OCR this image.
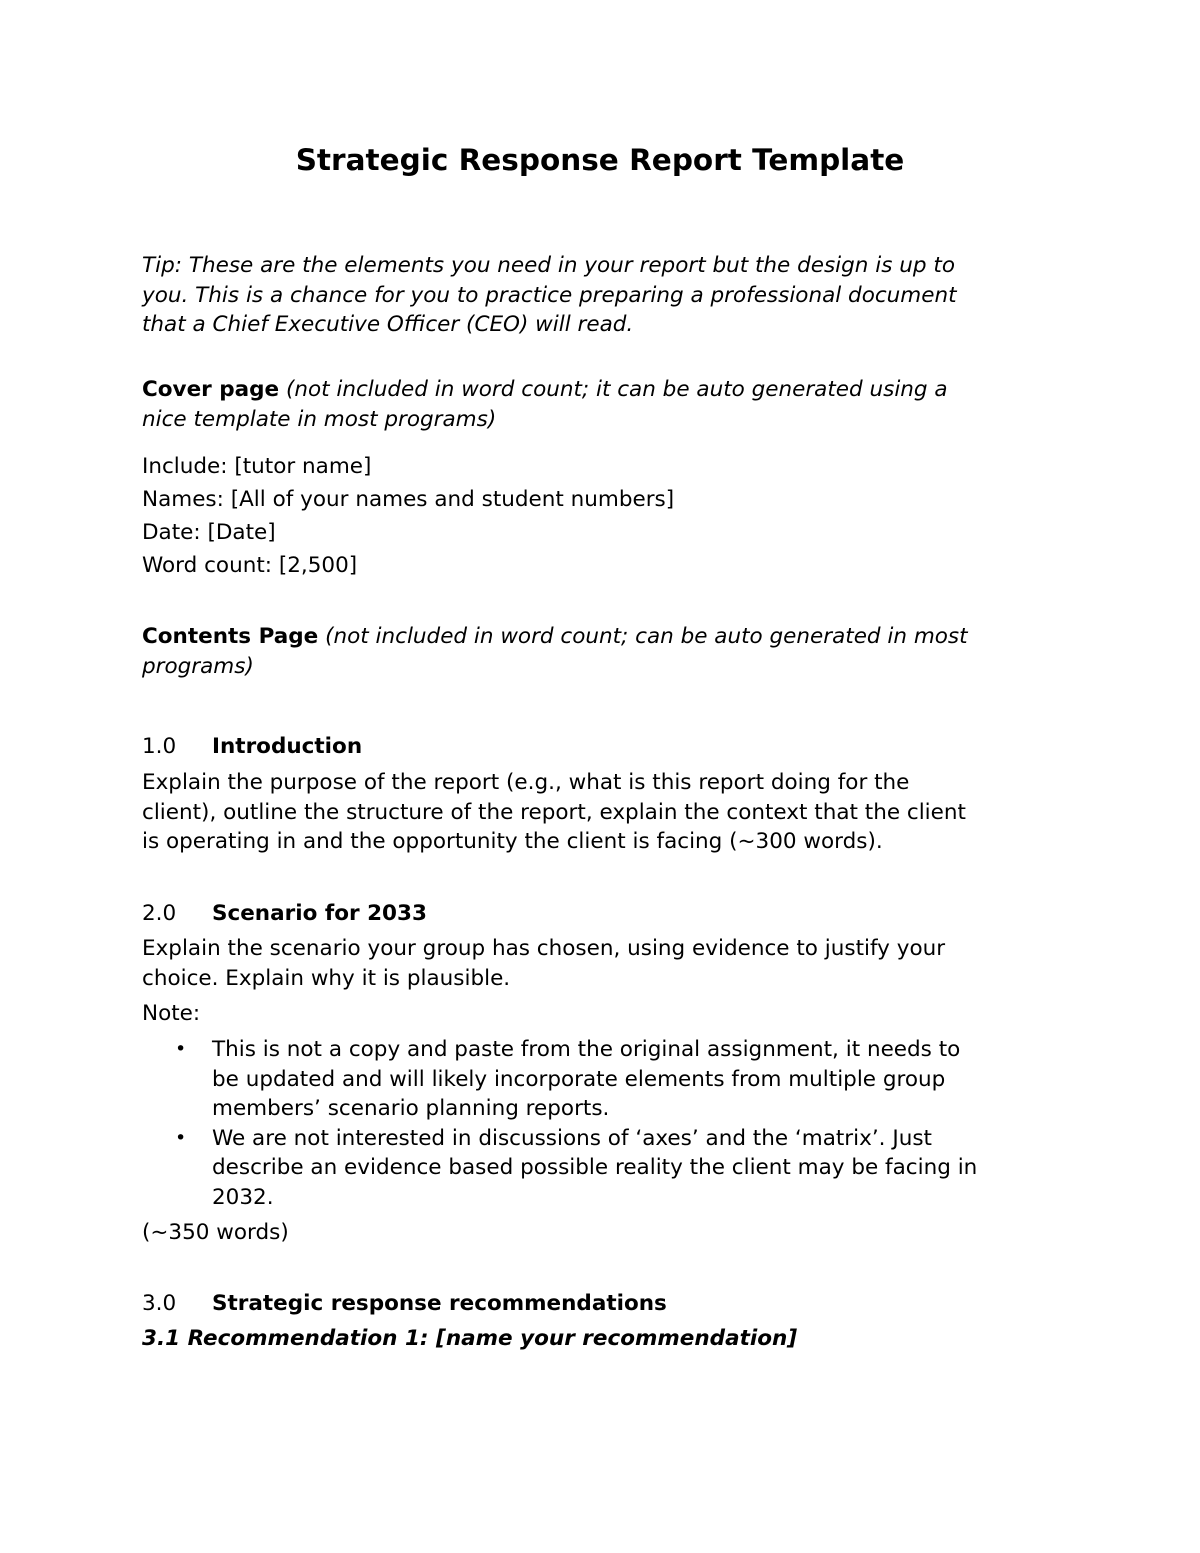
Strategic Response Report Template

Tip: These are the elements you need in your report but the design is up to
you. This is a chance for you to practice preparing a professional document
that a Chief Executive Officer (CEO) will read.

Cover page (not included in word count; it can be auto generated using a
nice template in most programs)

Include: [tutor name]
Names: [All of your names and student numbers]
Date: [Date]
Word count: [2,500]

Contents Page (not included in word count; can be auto generated in most
programs)

1.0 Introduction

Explain the purpose of the report (e.g., what is this report doing for the
client), outline the structure of the report, explain the context that the client
is operating in and the opportunity the client is facing (~300 words).

2.0 Scenario for 2033

Explain the scenario your group has chosen, using evidence to justify your
choice. Explain why it is plausible.

Note:

• This is not a copy and paste from the original assignment, it needs to
be updated and will likely incorporate elements from multiple group
members’ scenario planning reports.
• We are not interested in discussions of ‘axes’ and the ‘matrix’. Just
describe an evidence based possible reality the client may be facing in
2032.

(~350 words)

3.0 Strategic response recommendations

3.1 Recommendation 1: [name your recommendation]
